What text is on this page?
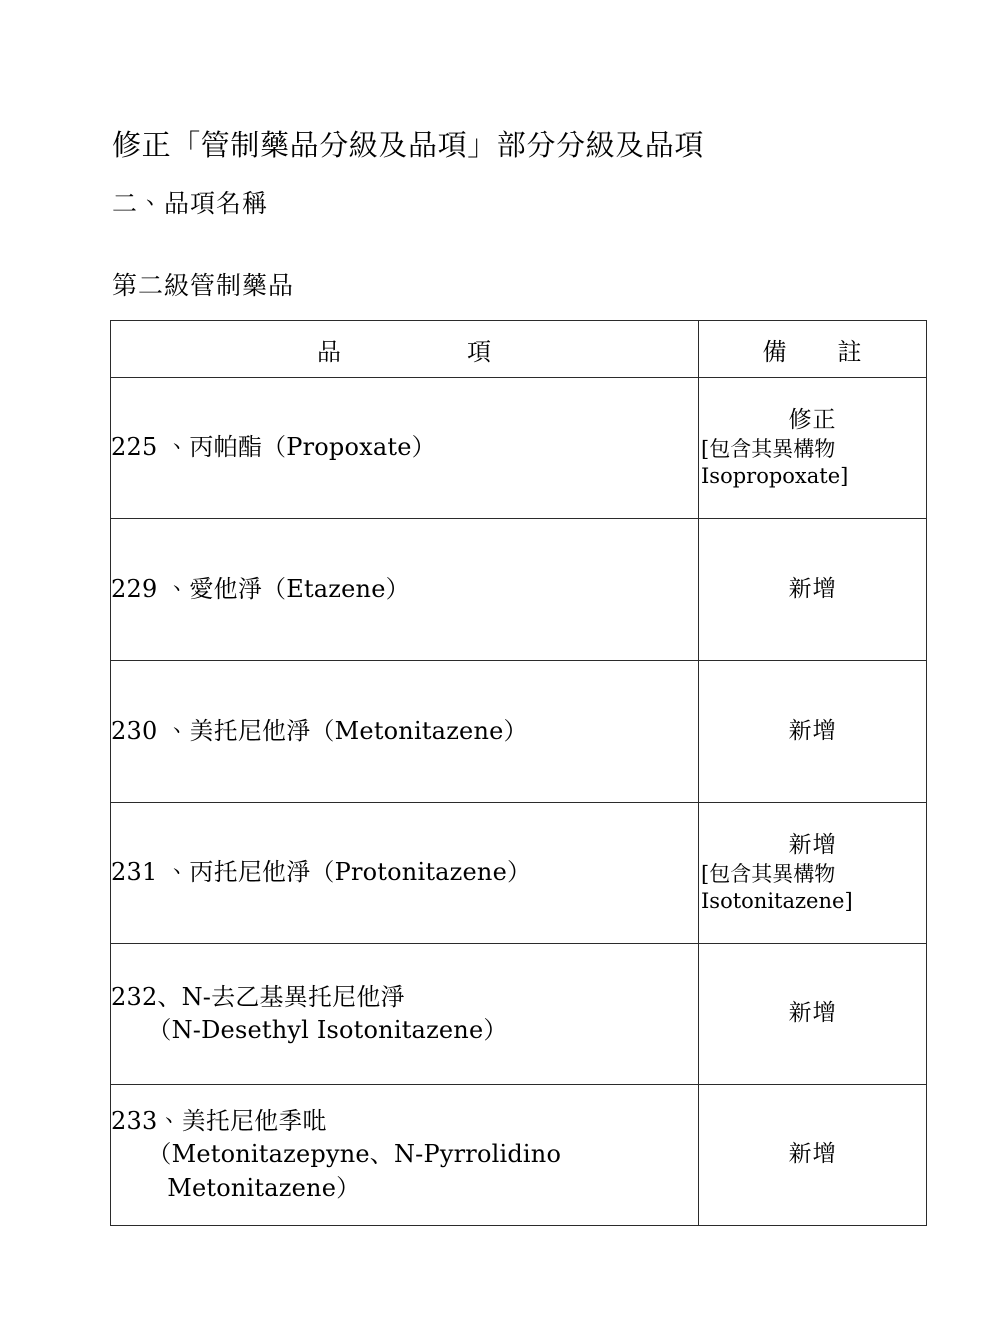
修正「管制藥品分級及品項」部分分級及品項
二、品項名稱
第二級管制藥品
品　　　　　項	備　　註

225 、丙帕酯（Propoxate）	修正
[包含其異構物
Isopropoxate]

229 、愛他淨（Etazene）	新增

230 、美托尼他淨（Metonitazene）	新增

231 、丙托尼他淨（Protonitazene）	新增
[包含其異構物
Isotonitazene]

232、N-去乙基異托尼他淨
　　（N-Desethyl Isotonitazene）	新增

233、美托尼他季吡
　　（Metonitazepyne、N-Pyrrolidino
　　 Metonitazene）	新增
